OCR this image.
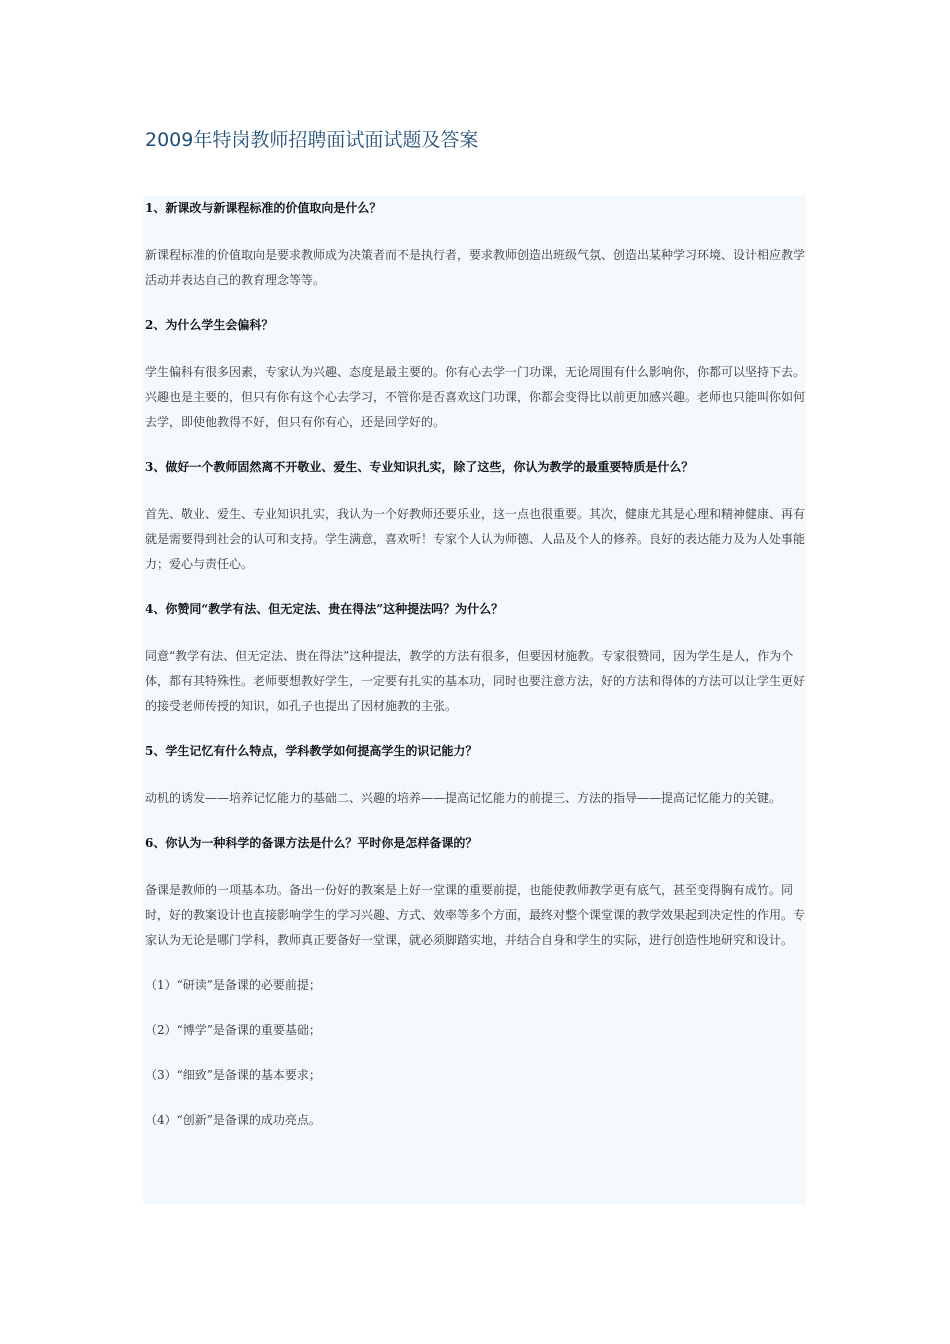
2009年特岗教师招聘面试面试题及答案
1、新课改与新课程标准的价值取向是什么？
新课程标准的价值取向是要求教师成为决策者而不是执行者，要求教师创造出班级气氛、创造出某种学习环境、设计相应教学活动并表达自己的教育理念等等。
2、为什么学生会偏科？
学生偏科有很多因素，专家认为兴趣、态度是最主要的。你有心去学一门功课，无论周围有什么影响你，你都可以坚持下去。兴趣也是主要的，但只有你有这个心去学习，不管你是否喜欢这门功课，你都会变得比以前更加感兴趣。老师也只能叫你如何去学，即使他教得不好，但只有你有心，还是回学好的。
3、做好一个教师固然离不开敬业、爱生、专业知识扎实，除了这些，你认为教学的最重要特质是什么？
首先、敬业、爱生、专业知识扎实，我认为一个好教师还要乐业，这一点也很重要。其次，健康尤其是心理和精神健康、再有就是需要得到社会的认可和支持。学生满意，喜欢听！专家个人认为师德、人品及个人的修养。良好的表达能力及为人处事能力；爱心与责任心。
4、你赞同“教学有法、但无定法、贵在得法”这种提法吗？为什么？
同意“教学有法、但无定法、贵在得法”这种提法，教学的方法有很多，但要因材施教。专家很赞同，因为学生是人，作为个体，都有其特殊性。老师要想教好学生，一定要有扎实的基本功，同时也要注意方法，好的方法和得体的方法可以让学生更好的接受老师传授的知识，如孔子也提出了因材施教的主张。
5、学生记忆有什么特点，学科教学如何提高学生的识记能力？
动机的诱发——培养记忆能力的基础二、兴趣的培养——提高记忆能力的前提三、方法的指导——提高记忆能力的关键。
6、你认为一种科学的备课方法是什么？平时你是怎样备课的？
备课是教师的一项基本功。备出一份好的教案是上好一堂课的重要前提，也能使教师教学更有底气，甚至变得胸有成竹。同时，好的教案设计也直接影响学生的学习兴趣、方式、效率等多个方面，最终对整个课堂课的教学效果起到决定性的作用。专家认为无论是哪门学科，教师真正要备好一堂课，就必须脚踏实地，并结合自身和学生的实际，进行创造性地研究和设计。
（1）“研读”是备课的必要前提；
（2）“博学”是备课的重要基础；
（3）“细致”是备课的基本要求；
（4）“创新”是备课的成功亮点。
